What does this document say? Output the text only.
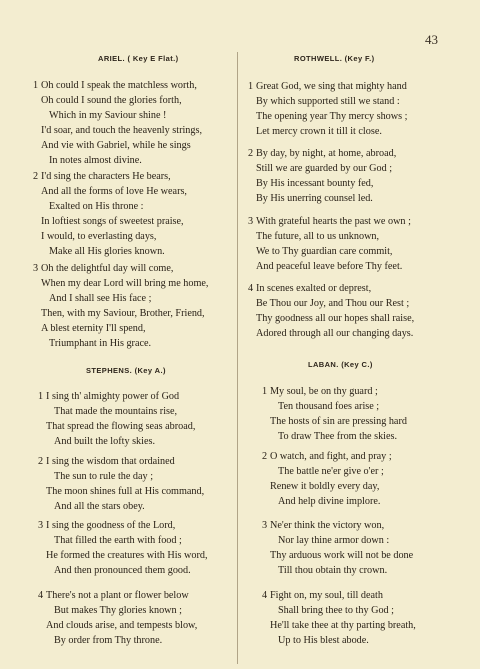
43
ARIEL. ( Key E Flat.)
1 Oh could I speak the matchless worth,
Oh could I sound the glories forth,
Which in my Saviour shine !
I'd soar, and touch the heavenly strings,
And vie with Gabriel, while he sings
In notes almost divine.
2 I'd sing the characters He bears,
And all the forms of love He wears,
Exalted on His throne :
In loftiest songs of sweetest praise,
I would, to everlasting days,
Make all His glories known.
3 Oh the delightful day will come,
When my dear Lord will bring me home,
And I shall see His face ;
Then, with my Saviour, Brother, Friend,
A blest eternity I'll spend,
Triumphant in His grace.
STEPHENS. (Key A.)
1 I sing th' almighty power of God
That made the mountains rise,
That spread the flowing seas abroad,
And built the lofty skies.
2 I sing the wisdom that ordained
The sun to rule the day ;
The moon shines full at His command,
And all the stars obey.
3 I sing the goodness of the Lord,
That filled the earth with food ;
He formed the creatures with His word,
And then pronounced them good.
4 There's not a plant or flower below
But makes Thy glories known ;
And clouds arise, and tempests blow,
By order from Thy throne.
ROTHWELL. (Key F.)
1 Great God, we sing that mighty hand
By which supported still we stand :
The opening year Thy mercy shows ;
Let mercy crown it till it close.
2 By day, by night, at home, abroad,
Still we are guarded by our God ;
By His incessant bounty fed,
By His unerring counsel led.
3 With grateful hearts the past we own ;
The future, all to us unknown,
We to Thy guardian care commit,
And peaceful leave before Thy feet.
4 In scenes exalted or deprest,
Be Thou our Joy, and Thou our Rest ;
Thy goodness all our hopes shall raise,
Adored through all our changing days.
LABAN. (Key C.)
1 My soul, be on thy guard ;
Ten thousand foes arise ;
The hosts of sin are pressing hard
To draw Thee from the skies.
2 O watch, and fight, and pray ;
The battle ne'er give o'er ;
Renew it boldly every day,
And help divine implore.
3 Ne'er think the victory won,
Nor lay thine armor down :
Thy arduous work will not be done
Till thou obtain thy crown.
4 Fight on, my soul, till death
Shall bring thee to thy God ;
He'll take thee at thy parting breath,
Up to His blest abode.
